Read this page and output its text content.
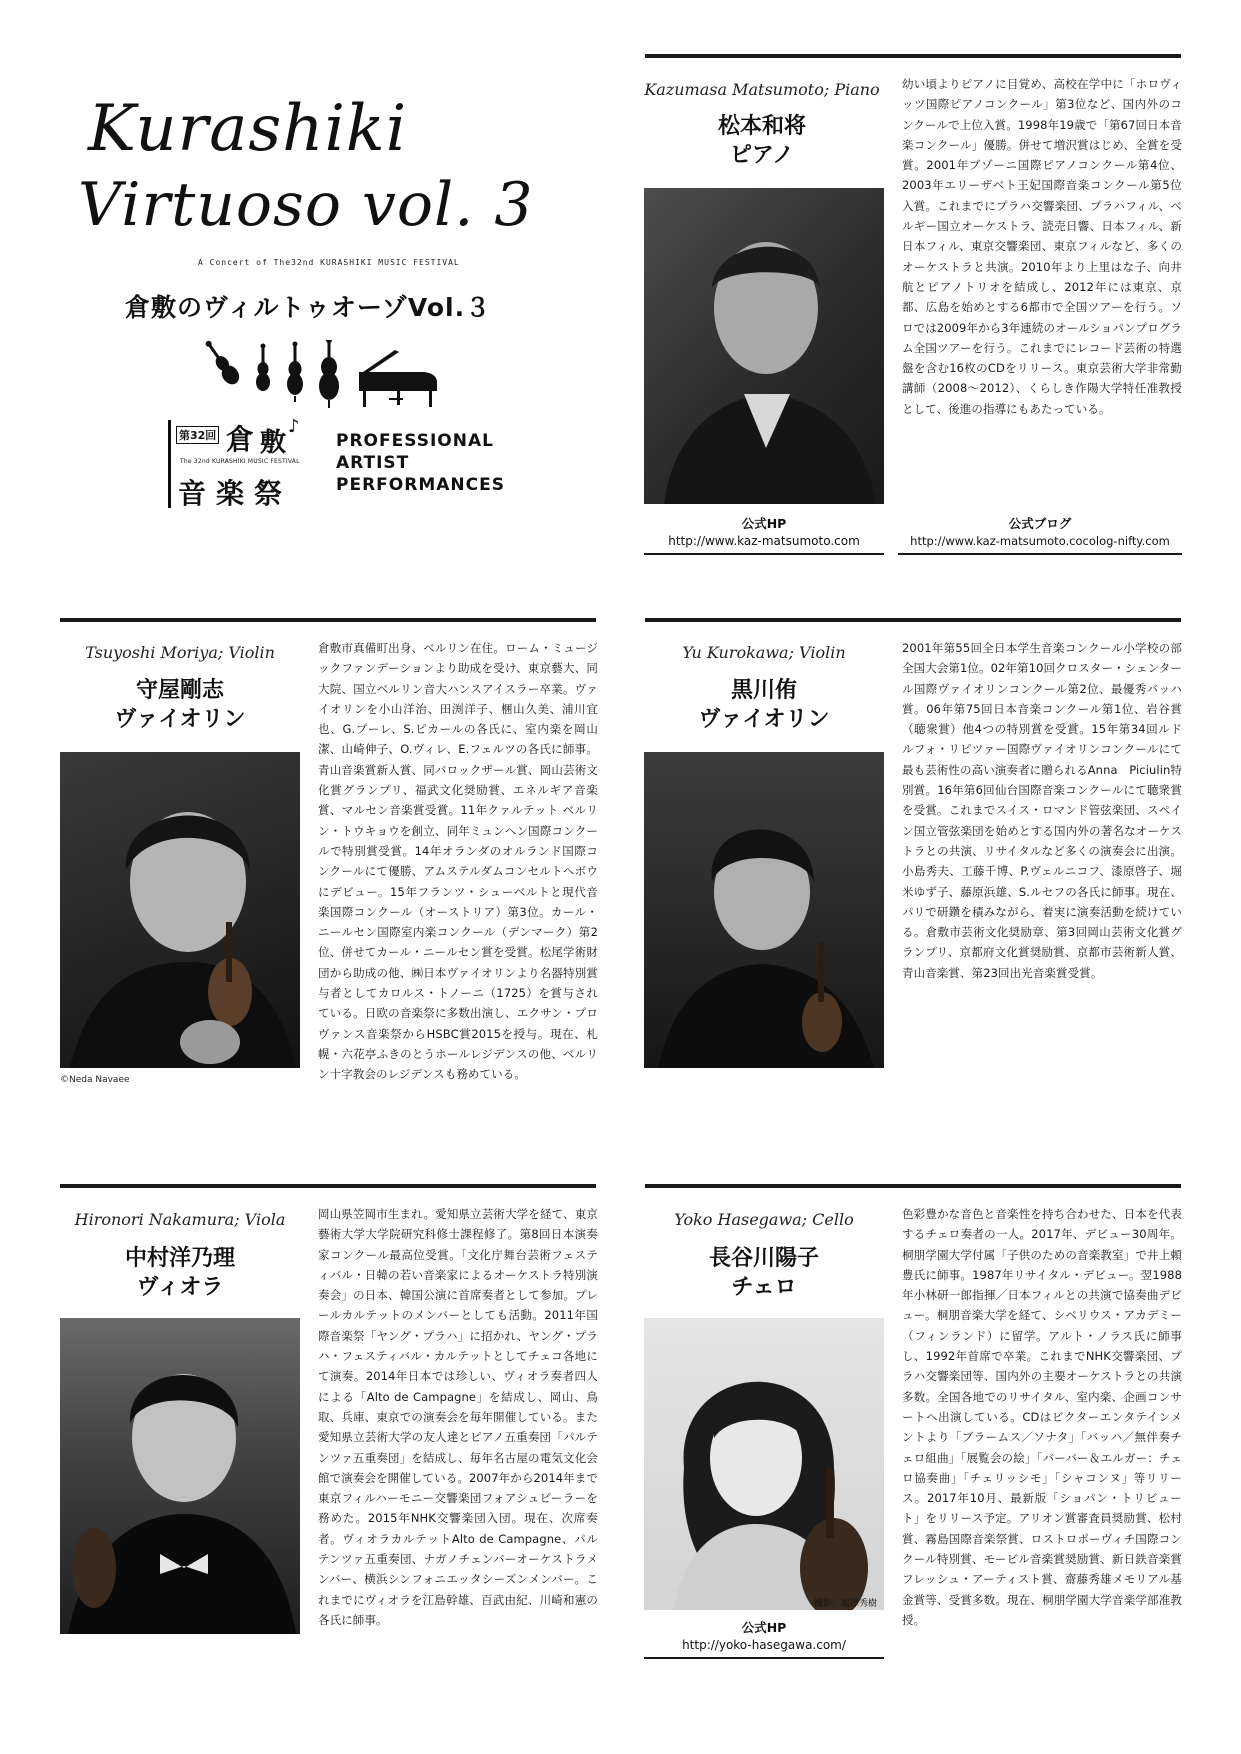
Kurashiki
Virtuoso vol. 3
A Concert of The32nd KURASHIKI MUSIC FESTIVAL
倉敷のヴィルトゥオーゾVol.３
第32回 倉 敷
♪
The 32nd KURASHIKI MUSIC FESTIVAL
音 楽 祭
PROFESSIONAL
ARTIST
PERFORMANCES
Kazumasa Matsumoto; Piano
松本和将
ピアノ
幼い頃よりピアノに目覚め、高校在学中に「ホロヴィッツ国際ピアノコンクール」第3位など、国内外のコンクールで上位入賞。1998年19歳で「第67回日本音楽コンクール」優勝。併せて増沢賞はじめ、全賞を受賞。2001年ブゾーニ国際ピアノコンクール第4位、2003年エリーザベト王妃国際音楽コンクール第5位入賞。これまでにプラハ交響楽団、プラハフィル、ベルギー国立オーケストラ、読売日響、日本フィル、新日本フィル、東京交響楽団、東京フィルなど、多くのオーケストラと共演。2010年より上里はな子、向井航とピアノトリオを結成し、2012年には東京、京都、広島を始めとする6都市で全国ツアーを行う。ソロでは2009年から3年連続のオールショパンプログラム全国ツアーを行う。これまでにレコード芸術の特選盤を含む16枚のCDをリリース。東京芸術大学非常勤講師（2008〜2012）、くらしき作陽大学特任准教授として、後進の指導にもあたっている。
公式HP
http://www.kaz-matsumoto.com
公式ブログ
http://www.kaz-matsumoto.cocolog-nifty.com
Tsuyoshi Moriya; Violin
守屋剛志
ヴァイオリン
©Neda Navaee
倉敷市真備町出身、ベルリン在住。ローム・ミュージックファンデーションより助成を受け、東京藝大、同大院、国立ベルリン音大ハンスアイスラー卒業。ヴァイオリンを小山洋治、田渕洋子、梱山久美、浦川宜也、G.プーレ、S.ピカールの各氏に、室内楽を岡山潔、山崎伸子、O.ヴィレ、E.フェルツの各氏に師事。青山音楽賞新人賞、同バロックザール賞、岡山芸術文化賞グランプリ、福武文化奨励賞、エネルギア音楽賞、マルセン音楽賞受賞。11年クァルテット ベルリン・トウキョウを創立、同年ミュンヘン国際コンクールで特別賞受賞。14年オランダのオルランド国際コンクールにて優勝、アムステルダムコンセルトヘボウにデビュー。15年フランツ・シューベルトと現代音楽国際コンクール（オーストリア）第3位。カール・ニールセン国際室内楽コンクール（デンマーク）第2位、併せてカール・ニールセン賞を受賞。松尾学術財団から助成の他、㈱日本ヴァイオリンより名器特別賞与者としてカロルス・トノーニ（1725）を賞与されている。日欧の音楽祭に多数出演し、エクサン・プロヴァンス音楽祭からHSBC賞2015を授与。現在、札幌・六花亭ふきのとうホールレジデンスの他、ベルリン十字教会のレジデンスも務めている。
Yu Kurokawa; Violin
黒川侑
ヴァイオリン
2001年第55回全日本学生音楽コンクール小学校の部全国大会第1位。02年第10回クロスター・シェンタール国際ヴァイオリンコンクール第2位、最優秀バッハ賞。06年第75回日本音楽コンクール第1位、岩谷賞（聴衆賞）他4つの特別賞を受賞。15年第34回ルドルフォ・リピツァー国際ヴァイオリンコンクールにて最も芸術性の高い演奏者に贈られるAnna　Piciulin特別賞。16年第6回仙台国際音楽コンクールにて聴衆賞を受賞。これまでスイス・ロマンド管弦楽団、スペイン国立管弦楽団を始めとする国内外の著名なオーケストラとの共演、リサイタルなど多くの演奏会に出演。小島秀夫、工藤千博、P.ヴェルニコフ、漆原啓子、堀米ゆず子、藤原浜雄、S.ルセフの各氏に師事。現在、パリで研鑽を積みながら、着実に演奏活動を続けている。倉敷市芸術文化奨励章、第3回岡山芸術文化賞グランプリ、京都府文化賞奨励賞、京都市芸術新人賞、青山音楽賞、第23回出光音楽賞受賞。
Hironori Nakamura; Viola
中村洋乃理
ヴィオラ
岡山県笠岡市生まれ。愛知県立芸術大学を経て、東京藝術大学大学院研究科修士課程修了。第8回日本演奏家コンクール最高位受賞。「文化庁舞台芸術フェスティバル・日韓の若い音楽家によるオーケストラ特別演奏会」の日本、韓国公演に首席奏者として参加。プレールカルテットのメンバーとしても活動。2011年国際音楽祭「ヤング・プラハ」に招かれ、ヤング・プラハ・フェスティバル・カルテットとしてチェコ各地にて演奏。2014年日本では珍しい、ヴィオラ奏者四人による「Alto de Campagne」を結成し、岡山、鳥取、兵庫、東京での演奏会を毎年開催している。また愛知県立芸術大学の友人達とピアノ五重奏団「パルテンツァ五重奏団」を結成し、毎年名古屋の電気文化会館で演奏会を開催している。2007年から2014年まで東京フィルハーモニー交響楽団フォアシュピーラーを務めた。2015年NHK交響楽団入団。現在、次席奏者。ヴィオラカルテットAlto de Campagne、パルテンツァ五重奏団、ナガノチェンバーオーケストラメンバー、横浜シンフォニエッタシーズンメンバー。これまでにヴィオラを江島幹雄、百武由紀、川崎和憲の各氏に師事。
Yoko Hasegawa; Cello
長谷川陽子
チェロ
撮影：塩澤秀樹
公式HP
http://yoko-hasegawa.com/
色彩豊かな音色と音楽性を持ち合わせた、日本を代表するチェロ奏者の一人。2017年、デビュー30周年。桐朋学園大学付属「子供のための音楽教室」で井上頼豊氏に師事。1987年リサイタル・デビュー。翌1988年小林研一郎指揮／日本フィルとの共演で協奏曲デビュー。桐朋音楽大学を経て、シベリウス・アカデミー（フィンランド）に留学。アルト・ノラス氏に師事し、1992年首席で卒業。これまでNHK交響楽団、プラハ交響楽団等、国内外の主要オーケストラとの共演多数。全国各地でのリサイタル、室内楽、企画コンサートへ出演している。CDはビクターエンタテインメントより「ブラームス／ソナタ」「バッハ／無伴奏チェロ組曲」「展覧会の絵」「バーバー＆エルガー：チェロ協奏曲」「チェリッシモ」「シャコンヌ」等リリース。2017年10月、最新版「ショパン・トリビュート」をリリース予定。アリオン賞審査員奨励賞、松村賞、霧島国際音楽祭賞、ロストロポーヴィチ国際コンクール特別賞、モービル音楽賞奨励賞、新日鉄音楽賞フレッシュ・アーティスト賞、齋藤秀雄メモリアル基金賞等、受賞多数。現在、桐朋学園大学音楽学部准教授。
